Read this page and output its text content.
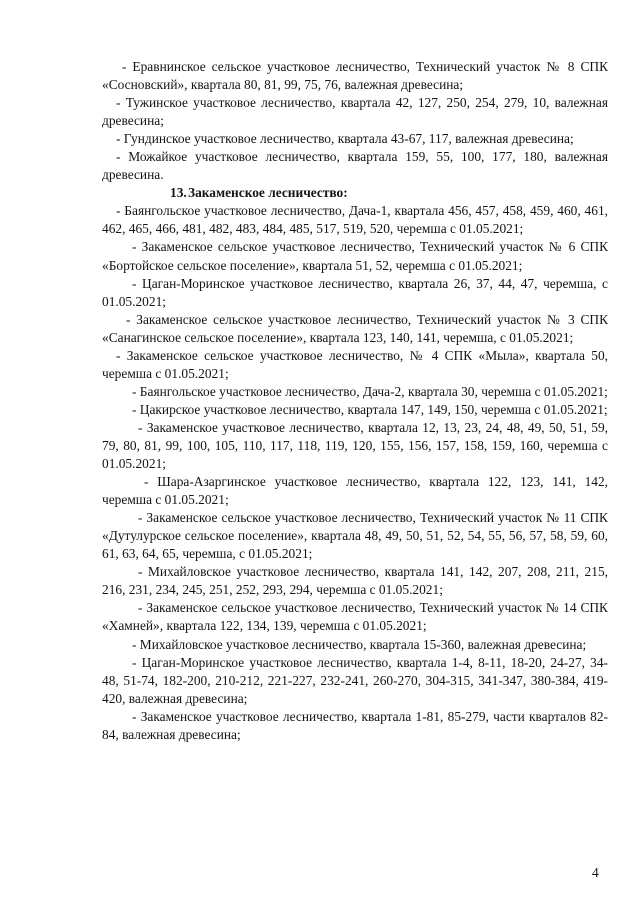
- Еравнинское сельское участковое лесничество, Технический участок № 8 СПК «Сосновский», квартала 80, 81, 99, 75, 76, валежная древесина;

- Тужинское участковое лесничество, квартала 42, 127, 250, 254, 279, 10, валежная древесина;

- Гундинское участковое лесничество, квартала 43-67, 117, валежная древесина;

- Можайкое участковое лесничество, квартала 159, 55, 100, 177, 180, валежная древесина.

13.Закаменское лесничество:

- Баянгольское участковое лесничество, Дача-1, квартала 456, 457, 458, 459, 460, 461, 462, 465, 466, 481, 482, 483, 484, 485, 517, 519, 520, черемша с 01.05.2021;

- Закаменское сельское участковое лесничество, Технический участок № 6 СПК «Бортойское сельское поселение», квартала 51, 52, черемша с 01.05.2021;

- Цаган-Моринское участковое лесничество, квартала 26, 37, 44, 47, черемша, с 01.05.2021;

- Закаменское сельское участковое лесничество, Технический участок № 3 СПК «Санагинское сельское поселение», квартала 123, 140, 141, черемша, с 01.05.2021;

- Закаменское сельское участковое лесничество, № 4 СПК «Мыла», квартала 50, черемша с 01.05.2021;

- Баянгольское участковое лесничество, Дача-2, квартала 30, черемша с 01.05.2021;

- Цакирское участковое лесничество, квартала 147, 149, 150, черемша с 01.05.2021;

- Закаменское участковое лесничество, квартала 12, 13, 23, 24, 48, 49, 50, 51, 59, 79, 80, 81, 99, 100, 105, 110, 117, 118, 119, 120, 155, 156, 157, 158, 159, 160, черемша с 01.05.2021;

- Шара-Азаргинское участковое лесничество, квартала 122, 123, 141, 142, черемша с 01.05.2021;

- Закаменское сельское участковое лесничество, Технический участок № 11 СПК «Дутулурское сельское поселение», квартала 48, 49, 50, 51, 52, 54, 55, 56, 57, 58, 59, 60, 61, 63, 64, 65, черемша, с 01.05.2021;

- Михайловское участковое лесничество, квартала 141, 142, 207, 208, 211, 215, 216, 231, 234, 245, 251, 252, 293, 294, черемша с 01.05.2021;

- Закаменское сельское участковое лесничество, Технический участок № 14 СПК «Хамней», квартала 122, 134, 139, черемша с 01.05.2021;

- Михайловское участковое лесничество, квартала 15-360, валежная древесина;

- Цаган-Моринское участковое лесничество, квартала 1-4, 8-11, 18-20, 24-27, 34-48, 51-74, 182-200, 210-212, 221-227, 232-241, 260-270, 304-315, 341-347, 380-384, 419-420, валежная древесина;

- Закаменское участковое лесничество, квартала 1-81, 85-279, части кварталов 82-84, валежная древесина;

4
